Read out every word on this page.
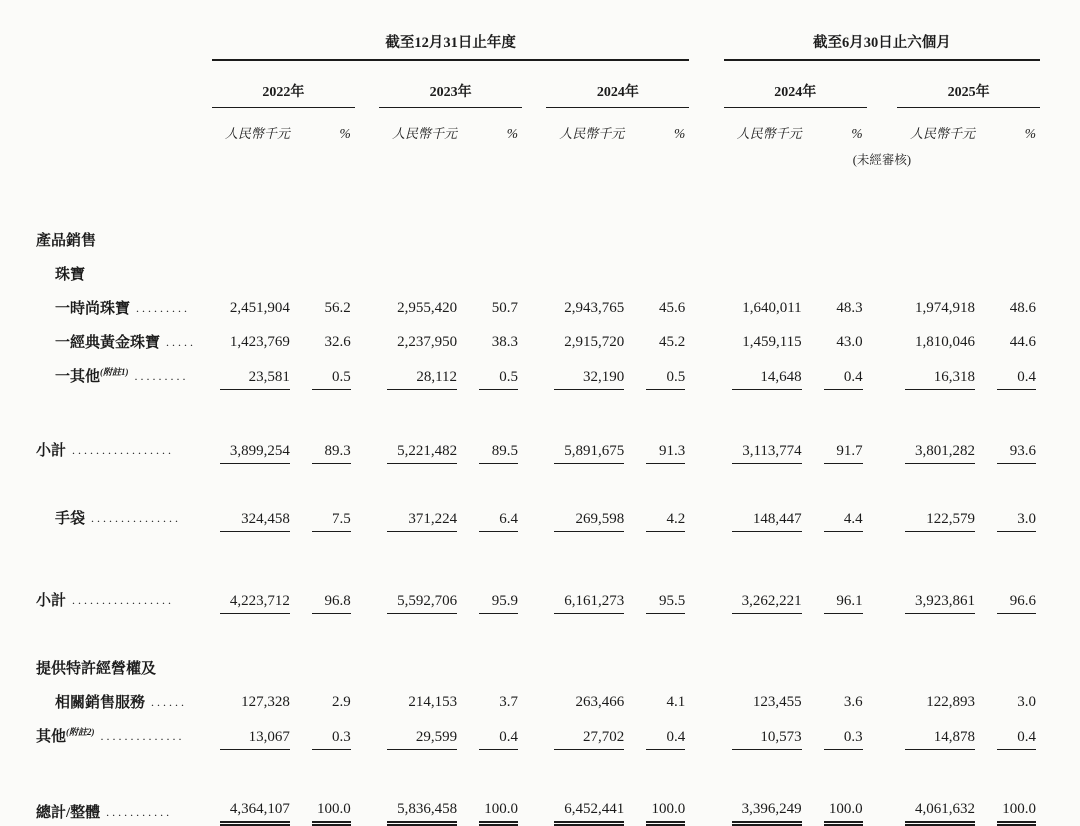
	截至12月31日止年度									截至6月30日止六個月				
	2022年			2023年			2024年			2024年			2025年	
	人民幣千元	%		人民幣千元	%		人民幣千元	%		人民幣千元	%		人民幣千元	%
										(未經審核)				

產品銷售														
珠寶														
一時尚珠寶 .........	2,451,904	56.2		2,955,420	50.7		2,943,765	45.6		1,640,011	48.3		1,974,918	48.6

一經典黃金珠寶 .....	1,423,769	32.6		2,237,950	38.3		2,915,720	45.2		1,459,115	43.0		1,810,046	44.6

一其他$^{(附註1)}$ .........	23,581	0.5		28,112	0.5		32,190	0.5		14,648	0.4		16,318	0.4

小計 .................	3,899,254	89.3		5,221,482	89.5		5,891,675	91.3		3,113,774	91.7		3,801,282	93.6

手袋 ...............	324,458	7.5		371,224	6.4		269,598	4.2		148,447	4.4		122,579	3.0

小計 .................	4,223,712	96.8		5,592,706	95.9		6,161,273	95.5		3,262,221	96.1		3,923,861	96.6

提供特許經營權及														
相關銷售服務 ......	127,328	2.9		214,153	3.7		263,466	4.1		123,455	3.6		122,893	3.0

其他$^{(附註2)}$ ..............	13,067	0.3		29,599	0.4		27,702	0.4		10,573	0.3		14,878	0.4

總計/整體 ...........	4,364,107	100.0		5,836,458	100.0		6,452,441	100.0		3,396,249	100.0		4,061,632	100.0
